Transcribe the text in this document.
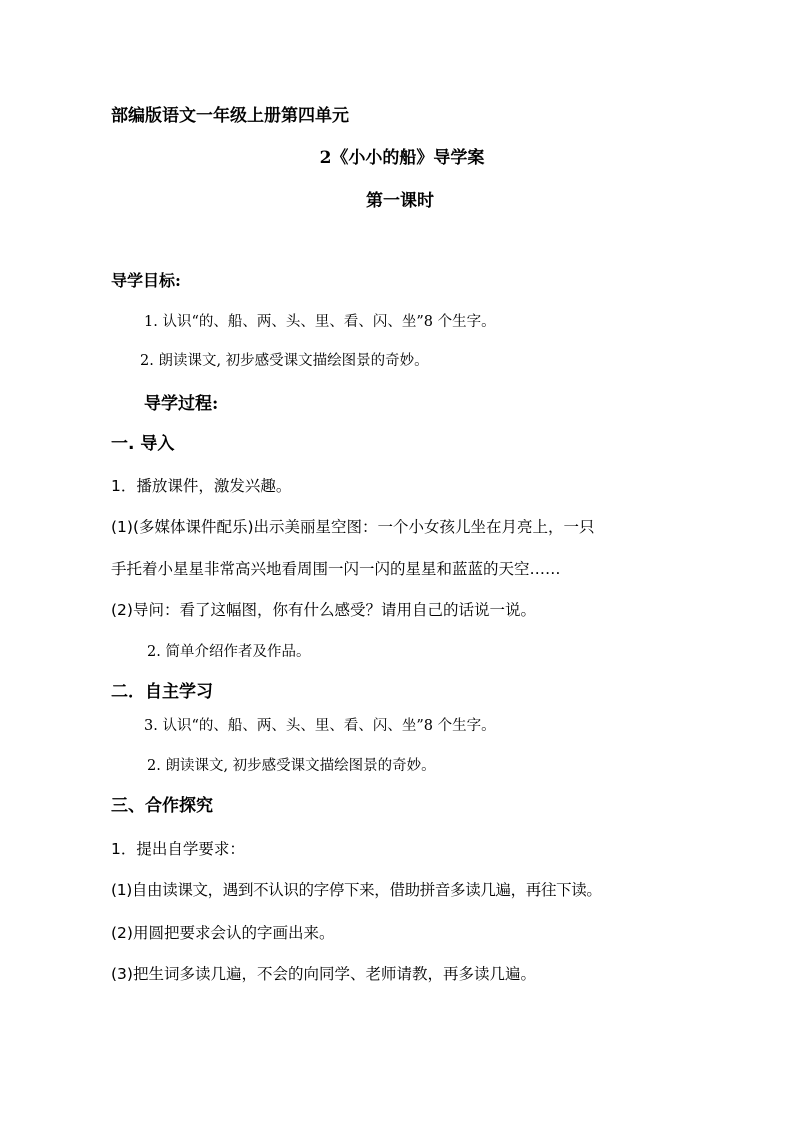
部编版语文一年级上册第四单元
2《小小的船》导学案
第一课时
导学目标:
1. 认识“的、船、两、头、里、看、闪、坐”8 个生字。
2. 朗读课文, 初步感受课文描绘图景的奇妙。
导学过程:
一. 导入
1．播放课件，激发兴趣。
(1)(多媒体课件配乐)出示美丽星空图：一个小女孩儿坐在月亮上，一只
手托着小星星非常高兴地看周围一闪一闪的星星和蓝蓝的天空……
(2)导问：看了这幅图，你有什么感受？请用自己的话说一说。
2. 简单介绍作者及作品。
二．自主学习
3. 认识“的、船、两、头、里、看、闪、坐”8 个生字。
2. 朗读课文, 初步感受课文描绘图景的奇妙。
三、合作探究
1．提出自学要求：
(1)自由读课文，遇到不认识的字停下来，借助拼音多读几遍，再往下读。
(2)用圆把要求会认的字画出来。
(3)把生词多读几遍，不会的向同学、老师请教，再多读几遍。
